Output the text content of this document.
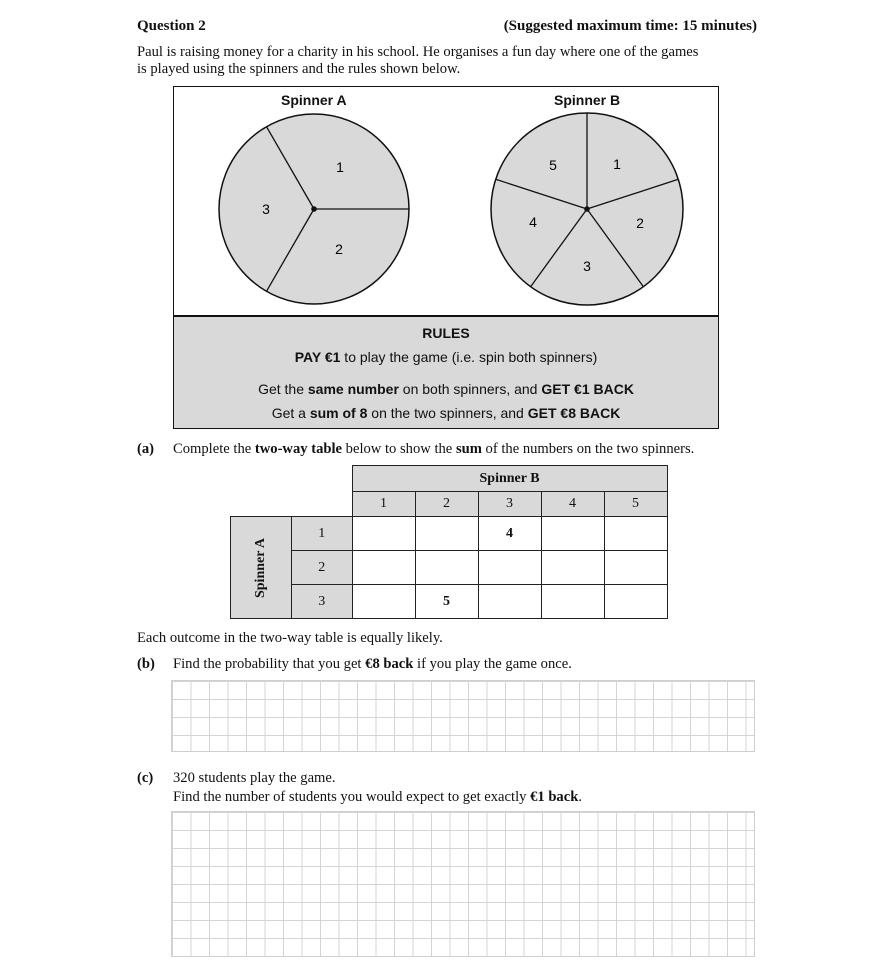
Question 2	(Suggested maximum time: 15 minutes)
Paul is raising money for a charity in his school. He organises a fun day where one of the games
is played using the spinners and the rules shown below.
Spinner A	Spinner B
1
2
3
1
2
3
4
5
RULES
PAY €1 to play the game (i.e. spin both spinners)
Get the same number on both spinners, and GET €1 BACK
Get a sum of 8 on the two spinners, and GET €8 BACK
(a) Complete the two-way table below to show the sum of the numbers on the two spinners.
		Spinner B				
		1	2	3	4	5

Spinner A	1			4		
	2					
	3		5			
Each outcome in the two-way table is equally likely.
(b) Find the probability that you get €8 back if you play the game once.
(c) 320 students play the game.
Find the number of students you would expect to get exactly €1 back.
